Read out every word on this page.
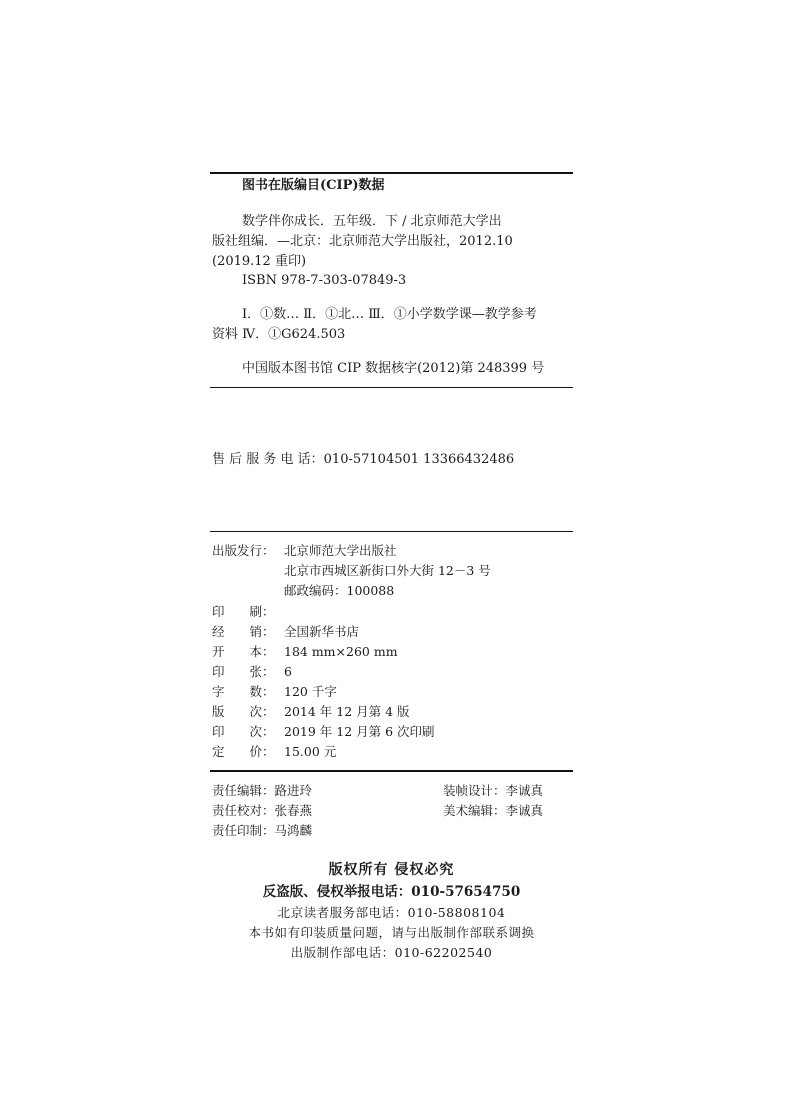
图书在版编目(CIP)数据
数学伴你成长．五年级．下 / 北京师范大学出
版社组编．—北京：北京师范大学出版社，2012.10
(2019.12 重印)
ISBN 978-7-303-07849-3
Ⅰ．①数… Ⅱ．①北… Ⅲ．①小学数学课—教学参考
资料 Ⅳ．①G624.503
中国版本图书馆 CIP 数据核字(2012)第 248399 号
售 后 服 务 电 话：010-57104501 13366432486
出版发行： 北京师范大学出版社
北京市西城区新街口外大街 12－3 号
邮政编码：100088
印　　刷：
经　　销： 全国新华书店
开　　本： 184 mm×260 mm
印　　张： 6
字　　数： 120 千字
版　　次： 2014 年 12 月第 4 版
印　　次： 2019 年 12 月第 6 次印刷
定　　价： 15.00 元
责任编辑：路进玲	装帧设计：李诚真
责任校对：张春燕	美术编辑：李诚真
责任印制：马鸿麟
版权所有 侵权必究
反盗版、侵权举报电话：010-57654750
北京读者服务部电话：010-58808104
本书如有印装质量问题，请与出版制作部联系调换
出版制作部电话：010-62202540
